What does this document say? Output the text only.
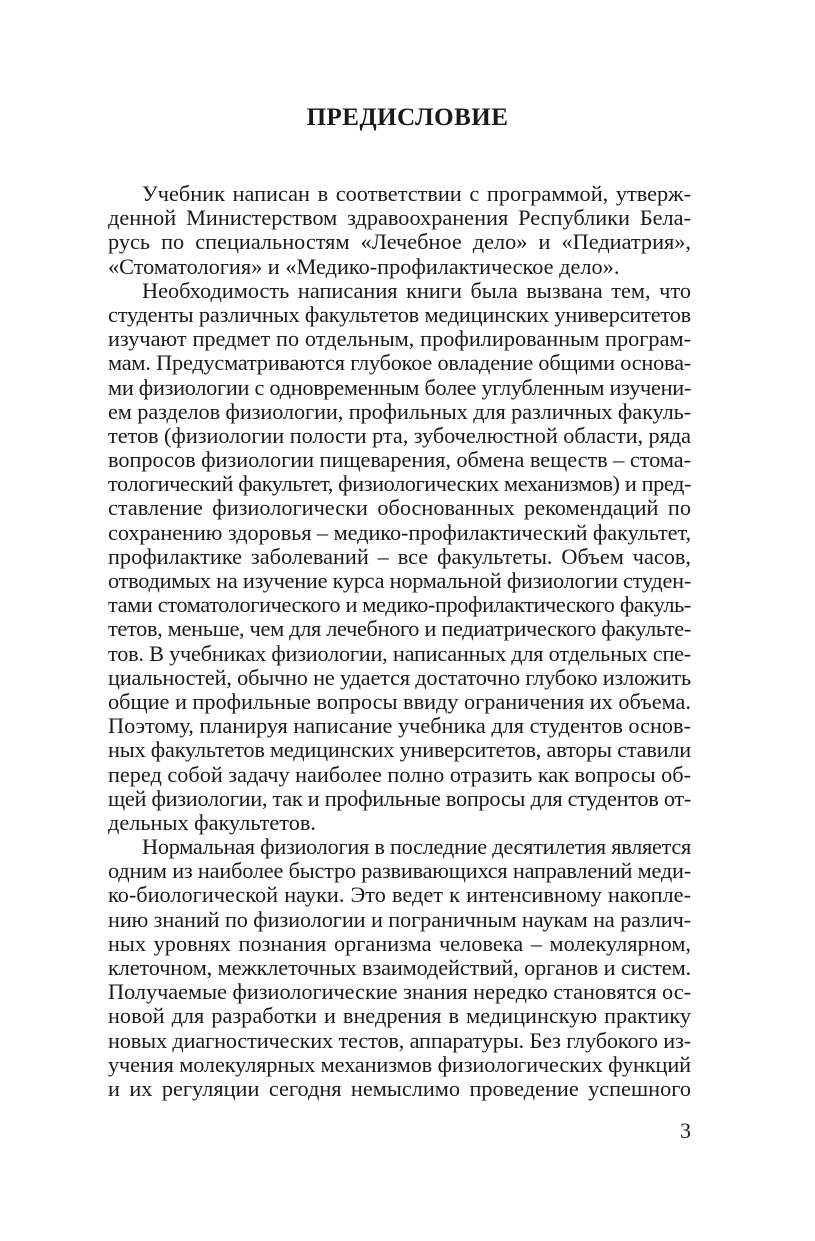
ПРЕДИСЛОВИЕ
Учебник написан в соответствии с программой, утверж-
денной Министерством здравоохранения Республики Бела-
русь по специальностям «Лечебное дело» и «Педиатрия»,
«Стоматология» и «Медико-профилактическое дело».
Необходимость написания книги была вызвана тем, что
студенты различных факультетов медицинских университетов
изучают предмет по отдельным, профилированным програм-
мам. Предусматриваются глубокое овладение общими основа-
ми физиологии с одновременным более углубленным изучени-
ем разделов физиологии, профильных для различных факуль-
тетов (физиологии полости рта, зубочелюстной области, ряда
вопросов физиологии пищеварения, обмена веществ – стома-
тологический факультет, физиологических механизмов) и пред-
ставление физиологически обоснованных рекомендаций по
сохранению здоровья – медико-профилактический факультет,
профилактике заболеваний – все факультеты. Объем часов,
отводимых на изучение курса нормальной физиологии студен-
тами стоматологического и медико-профилактического факуль-
тетов, меньше, чем для лечебного и педиатрического факульте-
тов. В учебниках физиологии, написанных для отдельных спе-
циальностей, обычно не удается достаточно глубоко изложить
общие и профильные вопросы ввиду ограничения их объема.
Поэтому, планируя написание учебника для студентов основ-
ных факультетов медицинских университетов, авторы ставили
перед собой задачу наиболее полно отразить как вопросы об-
щей физиологии, так и профильные вопросы для студентов от-
дельных факультетов.
Нормальная физиология в последние десятилетия является
одним из наиболее быстро развивающихся направлений меди-
ко-биологической науки. Это ведет к интенсивному накопле-
нию знаний по физиологии и пограничным наукам на различ-
ных уровнях познания организма человека – молекулярном,
клеточном, межклеточных взаимодействий, органов и систем.
Получаемые физиологические знания нередко становятся ос-
новой для разработки и внедрения в медицинскую практику
новых диагностических тестов, аппаратуры. Без глубокого из-
учения молекулярных механизмов физиологических функций
и их регуляции сегодня немыслимо проведение успешного
3
